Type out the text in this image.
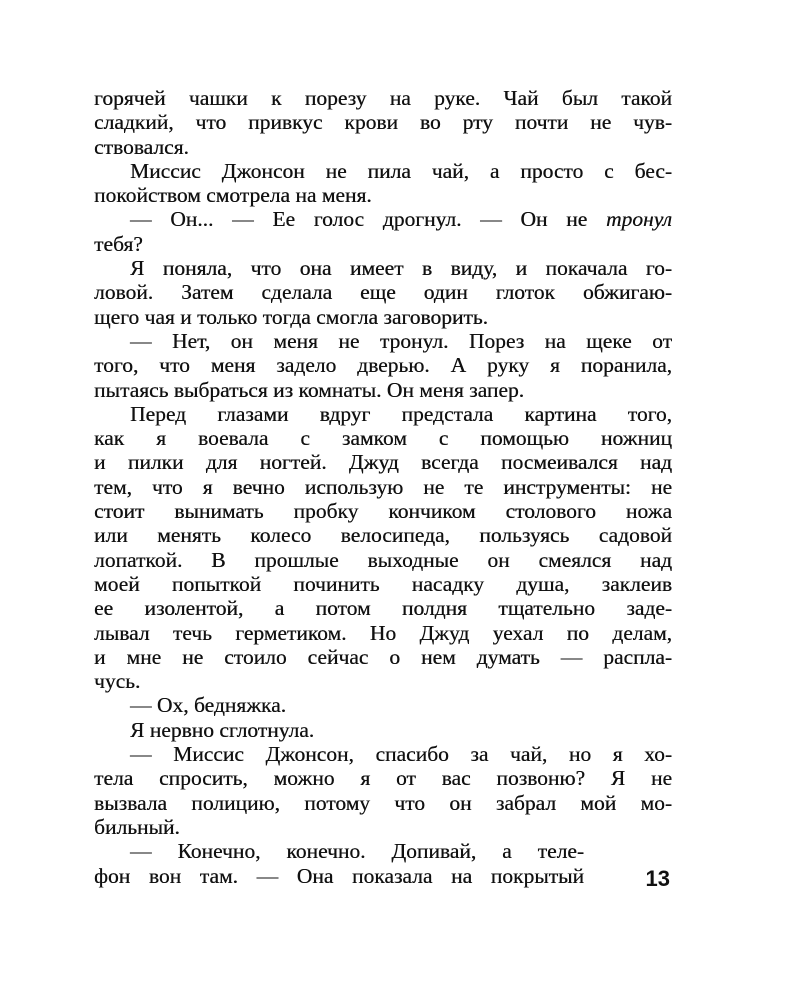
горячей чашки к порезу на руке. Чай был такой

сладкий, что привкус крови во рту почти не чув-

ствовался.

Миссис Джонсон не пила чай, а просто с бес-

покойством смотрела на меня.

— Он... — Ее голос дрогнул. — Он не тронул

тебя?

Я поняла, что она имеет в виду, и покачала го-

ловой. Затем сделала еще один глоток обжигаю-

щего чая и только тогда смогла заговорить.

— Нет, он меня не тронул. Порез на щеке от

того, что меня задело дверью. А руку я поранила,

пытаясь выбраться из комнаты. Он меня запер.

Перед глазами вдруг предстала картина того,

как я воевала с замком с помощью ножниц

и пилки для ногтей. Джуд всегда посмеивался над

тем, что я вечно использую не те инструменты: не

стоит вынимать пробку кончиком столового ножа

или менять колесо велосипеда, пользуясь садовой

лопаткой. В прошлые выходные он смеялся над

моей попыткой починить насадку душа, заклеив

ее изолентой, а потом полдня тщательно заде-

лывал течь герметиком. Но Джуд уехал по делам,

и мне не стоило сейчас о нем думать — распла-

чусь.

— Ох, бедняжка.

Я нервно сглотнула.

— Миссис Джонсон, спасибо за чай, но я хо-

тела спросить, можно я от вас позвоню? Я не

вызвала полицию, потому что он забрал мой мо-

бильный.

— Конечно, конечно. Допивай, а теле-

фон вон там. — Она показала на покрытый	13
